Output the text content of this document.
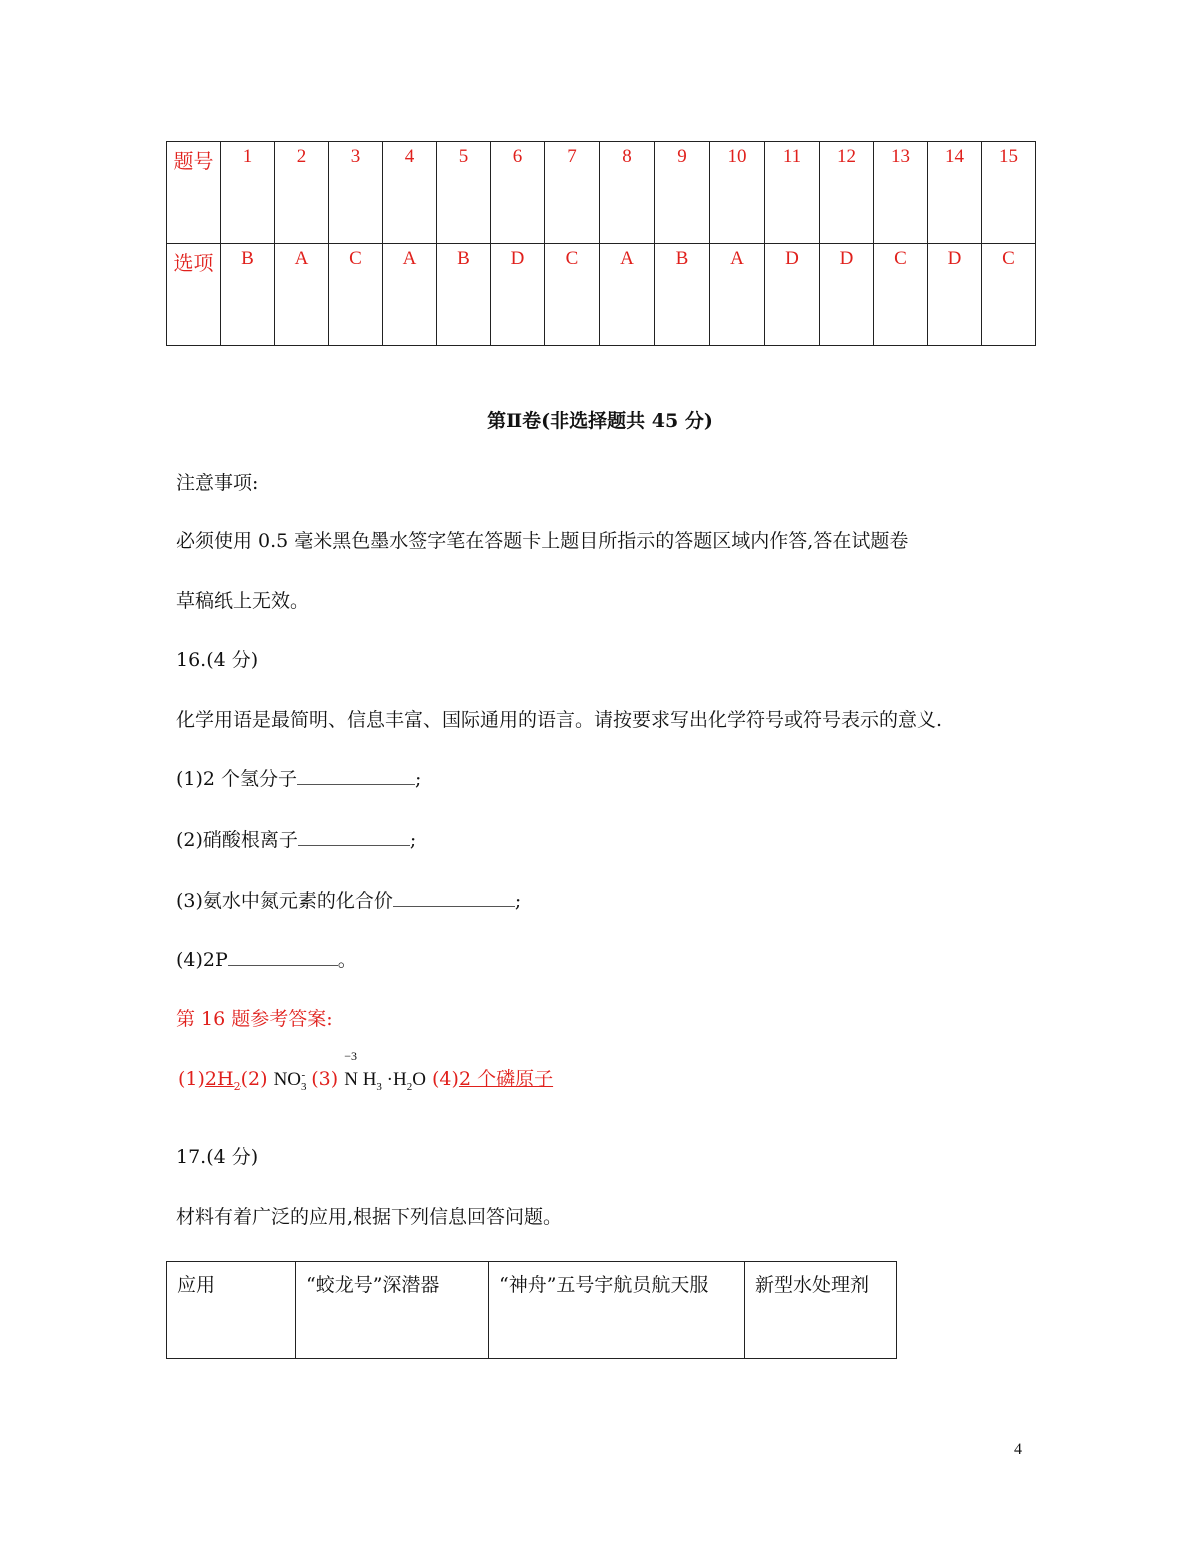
题号	1	2	3	4	5	6	7	8	9	10	11	12	13	14	15
选项	B	A	C	A	B	D	C	A	B	A	D	D	C	D	C
第Ⅱ卷(非选择题共 45 分)
注意事项:
必须使用 0.5 毫米黑色墨水签字笔在答题卡上题目所指示的答题区域内作答,答在试题卷
草稿纸上无效。
16.(4 分)
化学用语是最简明、信息丰富、国际通用的语言。请按要求写出化学符号或符号表示的意义.
(1)2 个氢分子	;
(2)硝酸根离子	;
(3)氨水中氮元素的化合价	;
(4)2P	。
第 16 题参考答案:
$(1)2H_2(2)$ $NO_3^-$ (3)
−3
N $H_3 \cdot H_2O$ (4)2 个磷原子
17.(4 分)
材料有着广泛的应用,根据下列信息回答问题。
应用	“蛟龙号”深潜器	“神舟”五号宇航员航天服	新型水处理剂
4
